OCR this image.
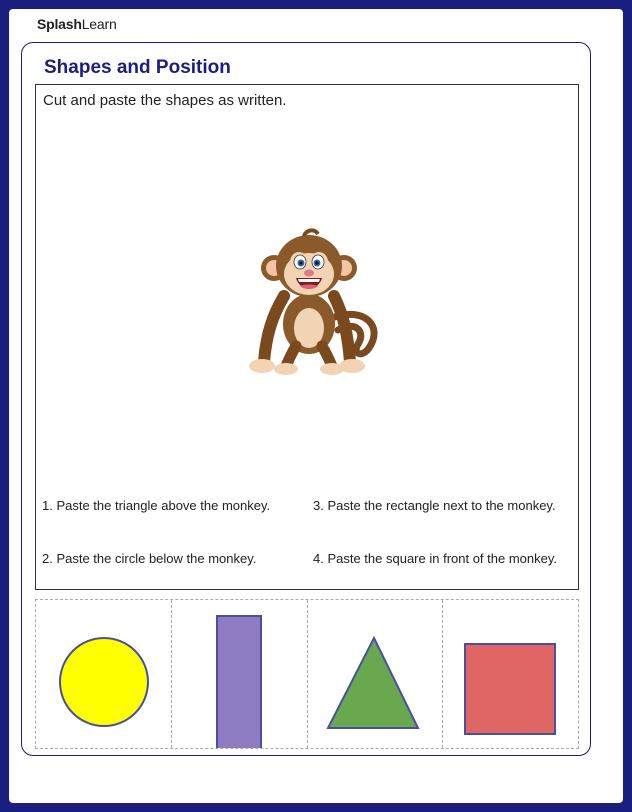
SplashLearn
Shapes and Position
Cut and paste the shapes as written.
1. Paste the triangle above the monkey.
2. Paste the circle below the monkey.
3. Paste the rectangle next to the monkey.
4. Paste the square in front of the monkey.
